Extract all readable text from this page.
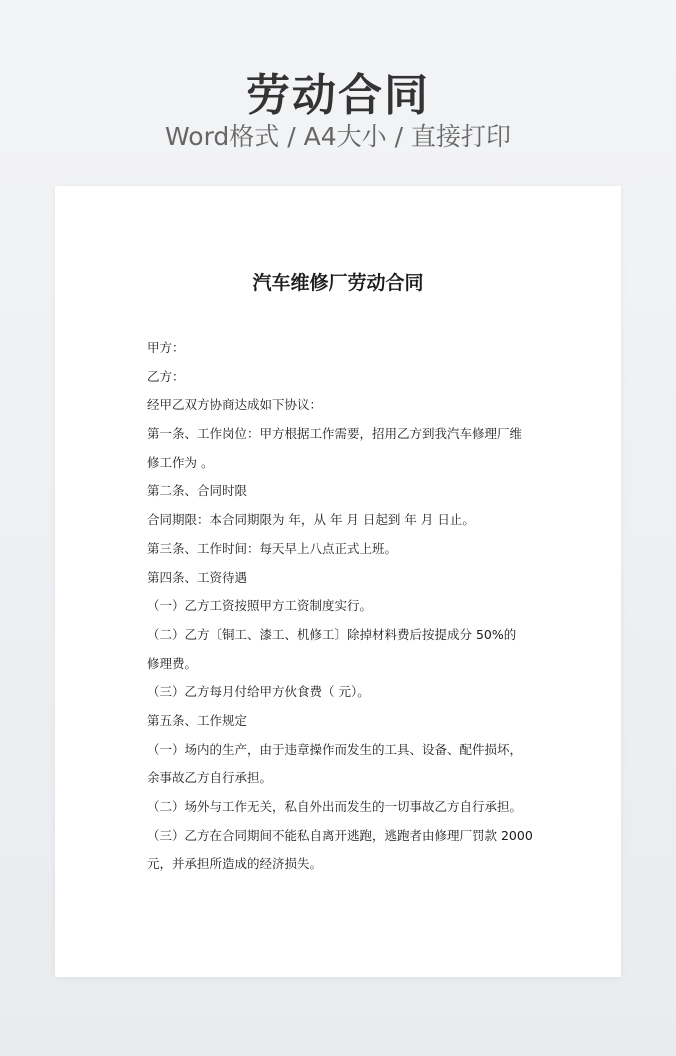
劳动合同
Word格式 / A4大小 / 直接打印
汽车维修厂劳动合同
甲方：
乙方：
经甲乙双方协商达成如下协议：
第一条、工作岗位：甲方根据工作需要，招用乙方到我汽车修理厂维
修工作为 。
第二条、合同时限
合同期限：本合同期限为 年，从 年 月 日起到 年 月 日止。
第三条、工作时间：每天早上八点正式上班。
第四条、工资待遇
（一）乙方工资按照甲方工资制度实行。
（二）乙方〔铜工、漆工、机修工〕除掉材料费后按提成分 50%的
修理费。
（三）乙方每月付给甲方伙食费（ 元）。
第五条、工作规定
（一）场内的生产，由于违章操作而发生的工具、设备、配件损坏，
余事故乙方自行承担。
（二）场外与工作无关，私自外出而发生的一切事故乙方自行承担。
（三）乙方在合同期间不能私自离开逃跑，逃跑者由修理厂罚款 2000
元，并承担所造成的经济损失。
